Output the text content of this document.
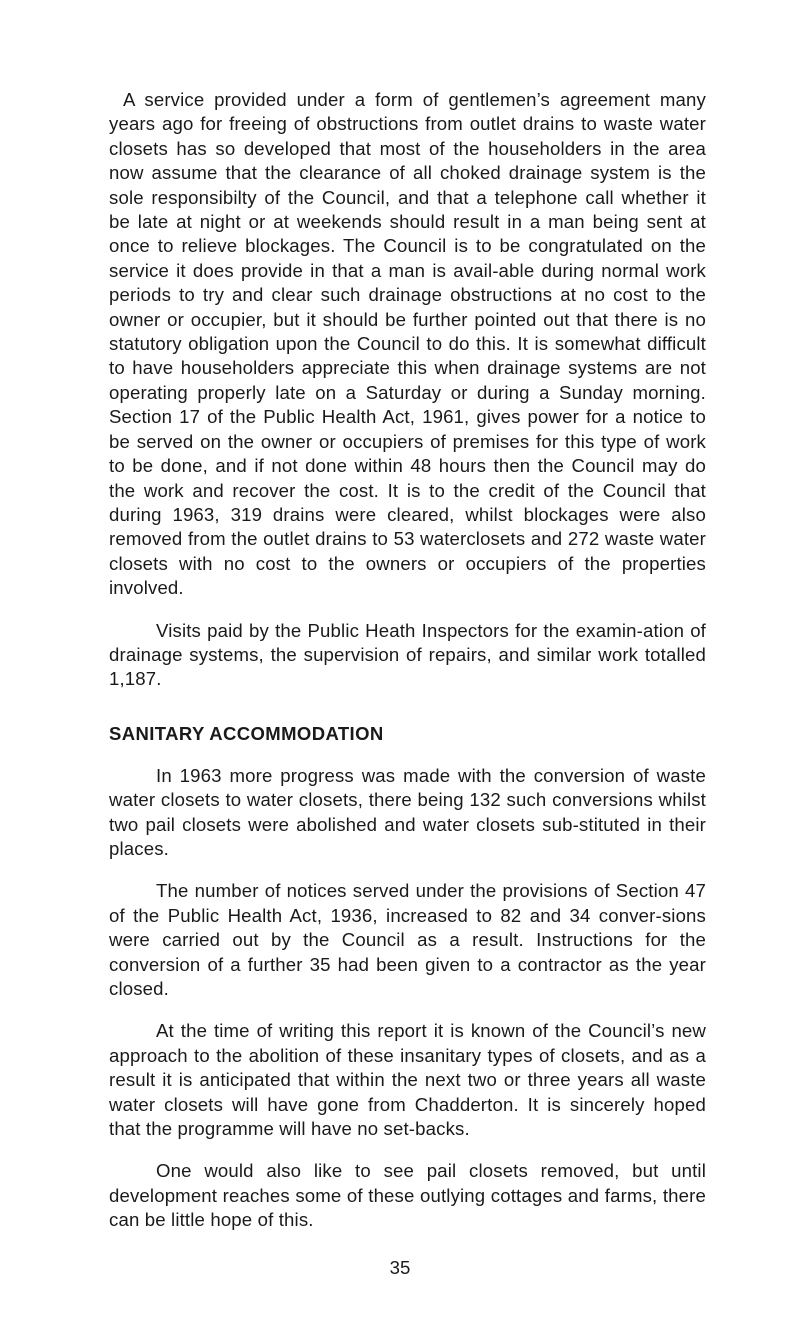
A service provided under a form of gentlemen’s agreement many years ago for freeing of obstructions from outlet drains to waste water closets has so developed that most of the householders in the area now assume that the clearance of all choked drainage system is the sole responsibilty of the Council, and that a telephone call whether it be late at night or at weekends should result in a man being sent at once to relieve blockages. The Council is to be congratulated on the service it does provide in that a man is avail-able during normal work periods to try and clear such drainage obstructions at no cost to the owner or occupier, but it should be further pointed out that there is no statutory obligation upon the Council to do this. It is somewhat difficult to have householders appreciate this when drainage systems are not operating properly late on a Saturday or during a Sunday morning. Section 17 of the Public Health Act, 1961, gives power for a notice to be served on the owner or occupiers of premises for this type of work to be done, and if not done within 48 hours then the Council may do the work and recover the cost. It is to the credit of the Council that during 1963, 319 drains were cleared, whilst blockages were also removed from the outlet drains to 53 waterclosets and 272 waste water closets with no cost to the owners or occupiers of the properties involved.

Visits paid by the Public Heath Inspectors for the examin-ation of drainage systems, the supervision of repairs, and similar work totalled 1,187.

SANITARY ACCOMMODATION

In 1963 more progress was made with the conversion of waste water closets to water closets, there being 132 such conversions whilst two pail closets were abolished and water closets sub-stituted in their places.

The number of notices served under the provisions of Section 47 of the Public Health Act, 1936, increased to 82 and 34 conver-sions were carried out by the Council as a result. Instructions for the conversion of a further 35 had been given to a contractor as the year closed.

At the time of writing this report it is known of the Council’s new approach to the abolition of these insanitary types of closets, and as a result it is anticipated that within the next two or three years all waste water closets will have gone from Chadderton. It is sincerely hoped that the programme will have no set-backs.

One would also like to see pail closets removed, but until development reaches some of these outlying cottages and farms, there can be little hope of this.

35
